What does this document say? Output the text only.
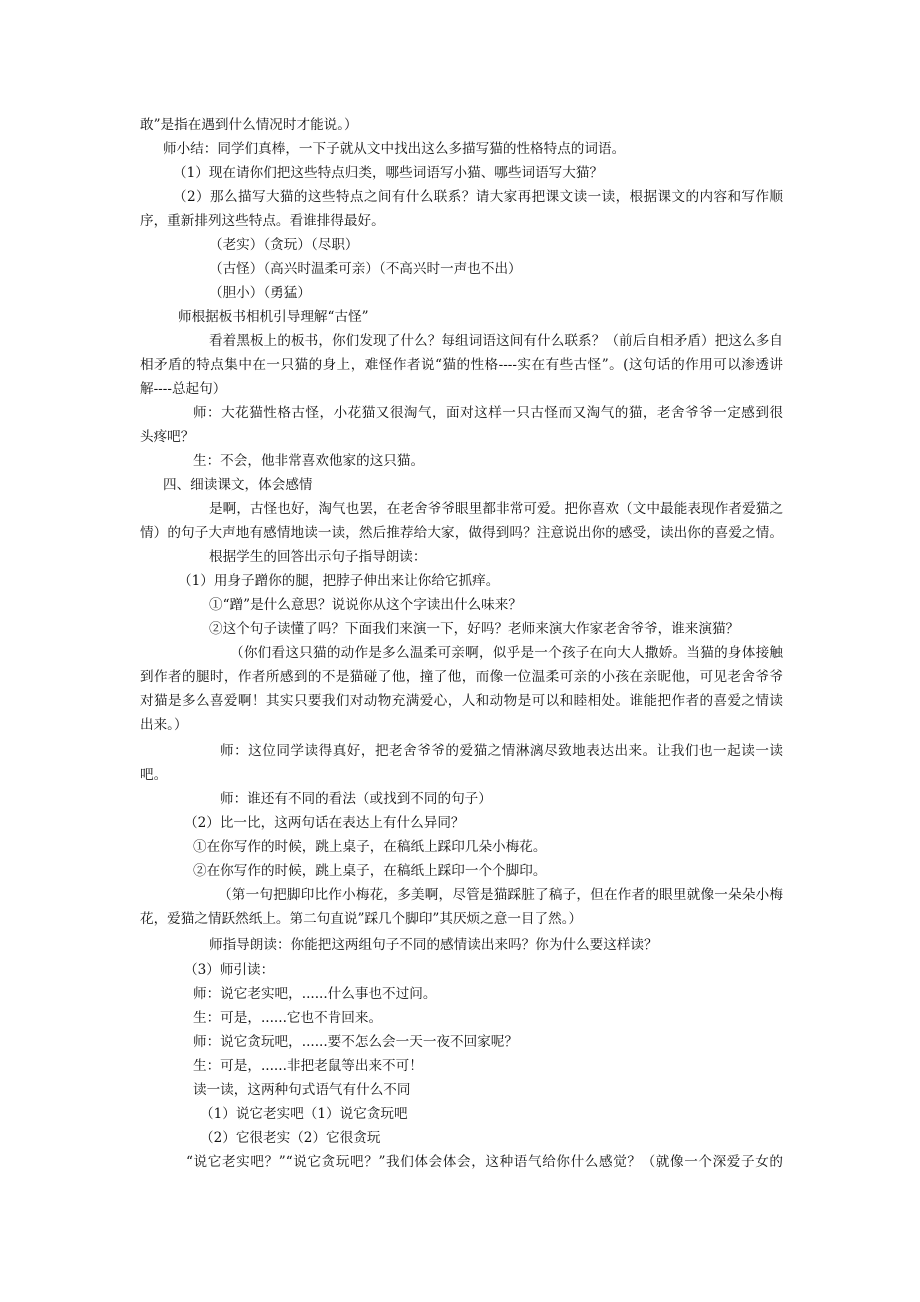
敢”是指在遇到什么情况时才能说。）
师小结：同学们真棒，一下子就从文中找出这么多描写猫的性格特点的词语。
（1）现在请你们把这些特点归类，哪些词语写小猫、哪些词语写大猫？
（2）那么描写大猫的这些特点之间有什么联系？请大家再把课文读一读，根据课文的内容和写作顺
序，重新排列这些特点。看谁排得最好。
（老实）（贪玩）（尽职）
（古怪）（高兴时温柔可亲）（不高兴时一声也不出）
（胆小）（勇猛）
师根据板书相机引导理解“古怪”
看着黑板上的板书，你们发现了什么？每组词语这间有什么联系？（前后自相矛盾）把这么多自
相矛盾的特点集中在一只猫的身上，难怪作者说“猫的性格----实在有些古怪”。(这句话的作用可以渗透讲
解----总起句）
师：大花猫性格古怪，小花猫又很淘气，面对这样一只古怪而又淘气的猫，老舍爷爷一定感到很
头疼吧？
生：不会，他非常喜欢他家的这只猫。
四、细读课文，体会感情
是啊，古怪也好，淘气也罢，在老舍爷爷眼里都非常可爱。把你喜欢（文中最能表现作者爱猫之
情）的句子大声地有感情地读一读，然后推荐给大家，做得到吗？注意说出你的感受，读出你的喜爱之情。
根据学生的回答出示句子指导朗读：
（1）用身子蹭你的腿，把脖子伸出来让你给它抓痒。
①“蹭”是什么意思？说说你从这个字读出什么味来？
②这个句子读懂了吗？下面我们来演一下，好吗？老师来演大作家老舍爷爷，谁来演猫？
（你们看这只猫的动作是多么温柔可亲啊，似乎是一个孩子在向大人撒娇。当猫的身体接触
到作者的腿时，作者所感到的不是猫碰了他，撞了他，而像一位温柔可亲的小孩在亲昵他，可见老舍爷爷
对猫是多么喜爱啊！其实只要我们对动物充满爱心，人和动物是可以和睦相处。谁能把作者的喜爱之情读
出来。）
师：这位同学读得真好，把老舍爷爷的爱猫之情淋漓尽致地表达出来。让我们也一起读一读
吧。
师：谁还有不同的看法（或找到不同的句子）
（2）比一比，这两句话在表达上有什么异同？
①在你写作的时候，跳上桌子，在稿纸上踩印几朵小梅花。
②在你写作的时候，跳上桌子，在稿纸上踩印一个个脚印。
（第一句把脚印比作小梅花，多美啊，尽管是猫踩脏了稿子，但在作者的眼里就像一朵朵小梅
花，爱猫之情跃然纸上。第二句直说”踩几个脚印”其厌烦之意一目了然。）
师指导朗读：你能把这两组句子不同的感情读出来吗？你为什么要这样读？
（3）师引读：
师：说它老实吧，......什么事也不过问。
生：可是，......它也不肯回来。
师：说它贪玩吧，......要不怎么会一天一夜不回家呢？
生：可是，......非把老鼠等出来不可！
读一读，这两种句式语气有什么不同
（1）说它老实吧（1）说它贪玩吧
（2）它很老实（2）它很贪玩
“说它老实吧？”“说它贪玩吧？”我们体会体会，这种语气给你什么感觉？（就像一个深爱子女的
